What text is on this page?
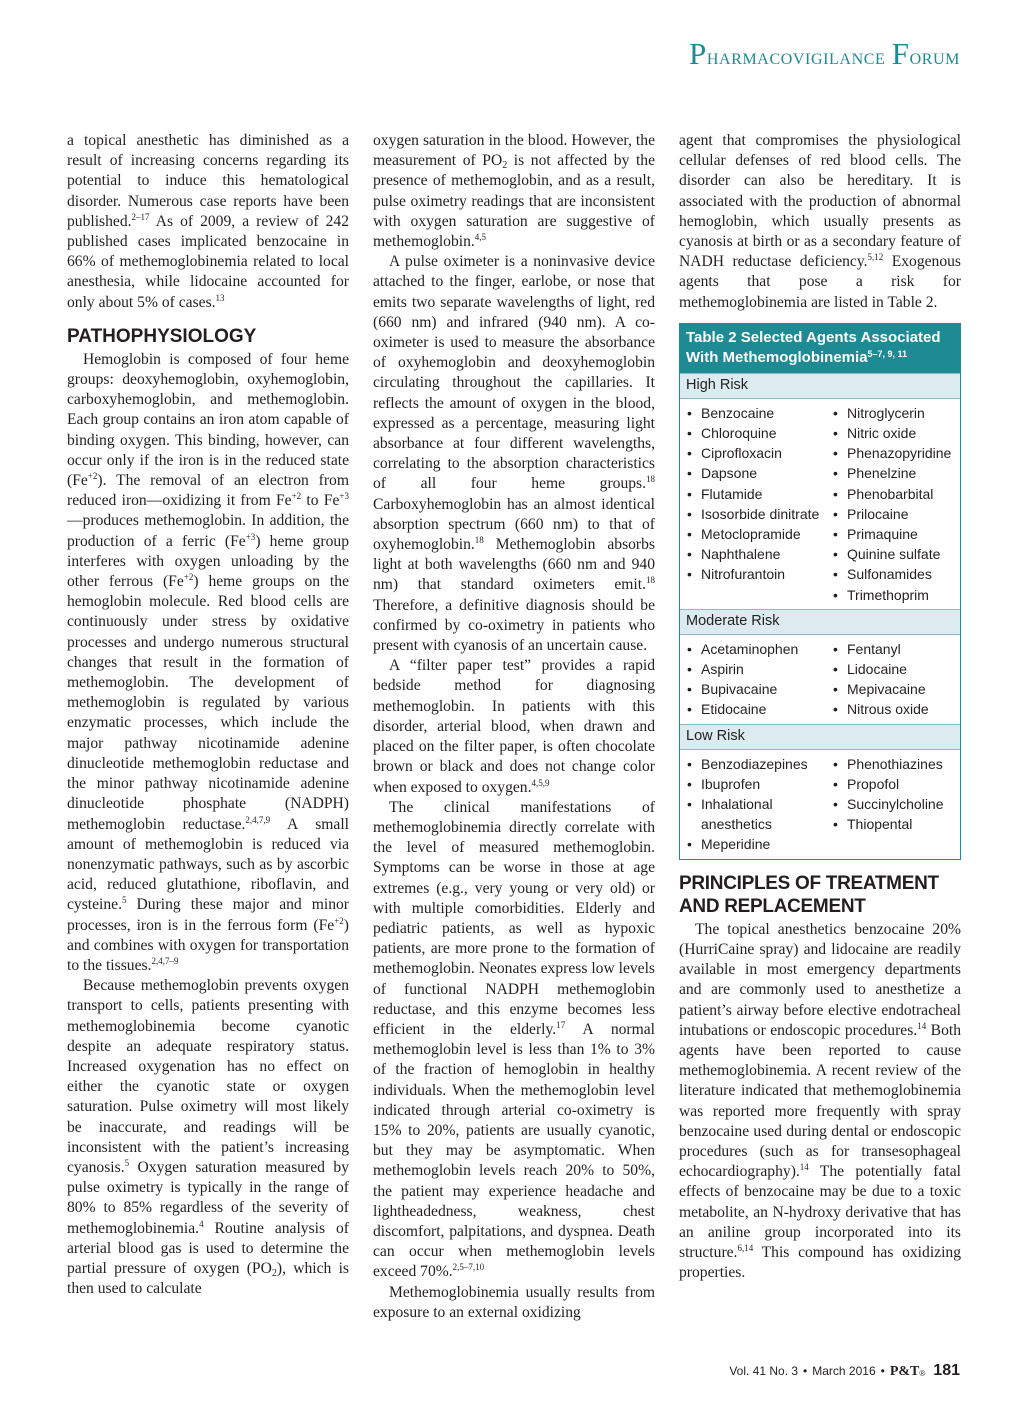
Pharmacovigilance Forum

a topical anesthetic has diminished as a result of increasing concerns regarding its potential to induce this hematological disorder. Numerous case reports have been published.$^{2-17}$ As of 2009, a review of 242 published cases implicated benzocaine in 66% of methemoglobinemia related to local anesthesia, while lidocaine accounted for only about 5% of cases.$^{13}$

PATHOPHYSIOLOGY

Hemoglobin is composed of four heme groups: deoxyhemoglobin, oxyhemoglobin, carboxyhemoglobin, and methemoglobin. Each group contains an iron atom capable of binding oxygen. This binding, however, can occur only if the iron is in the reduced state $(Fe^{+2})$. The removal of an electron from reduced iron—oxidizing it from $Fe^{+2}$ to $Fe^{+3}—produces$ methemoglobin. In addition, the production of a ferric $(Fe^{+3})$ heme group interferes with oxygen unloading by the other ferrous $(Fe^{+2})$ heme groups on the hemoglobin molecule. Red blood cells are continuously under stress by oxidative processes and undergo numerous structural changes that result in the formation of methemoglobin. The development of methemoglobin is regulated by various enzymatic processes, which include the major pathway nicotinamide adenine dinucleotide methemoglobin reductase and the minor pathway nicotinamide adenine dinucleotide phosphate (NADPH) methemoglobin reductase.$^{2,4,7,9}$ A small amount of methemoglobin is reduced via nonenzymatic pathways, such as by ascorbic acid, reduced glutathione, riboflavin, and cysteine.$^5$ During these major and minor processes, iron is in the ferrous form $(Fe^{+2})$ and combines with oxygen for transportation to the tissues.$^{2,4,7-9}$

Because methemoglobin prevents oxygen transport to cells, patients presenting with methemoglobinemia become cyanotic despite an adequate respiratory status. Increased oxygenation has no effect on either the cyanotic state or oxygen saturation. Pulse oximetry will most likely be inaccurate, and readings will be inconsistent with the patient’s increasing cyanosis.$^5$ Oxygen saturation measured by pulse oximetry is typically in the range of 80% to 85% regardless of the severity of methemoglobinemia.$^4$ Routine analysis of arterial blood gas is used to determine the partial pressure of oxygen $(PO_2)$, which is then used to calculate

oxygen saturation in the blood. However, the measurement of $PO_2$ is not affected by the presence of methemoglobin, and as a result, pulse oximetry readings that are inconsistent with oxygen saturation are suggestive of methemoglobin.$^{4,5}$

A pulse oximeter is a noninvasive device attached to the finger, earlobe, or nose that emits two separate wavelengths of light, red (660 nm) and infrared (940 nm). A co-oximeter is used to measure the absorbance of oxyhemoglobin and deoxyhemoglobin circulating throughout the capillaries. It reflects the amount of oxygen in the blood, expressed as a percentage, measuring light absorbance at four different wavelengths, correlating to the absorption characteristics of all four heme groups.$^{18}$ Carboxyhemoglobin has an almost identical absorption spectrum (660 nm) to that of oxyhemoglobin.$^{18}$ Methemoglobin absorbs light at both wavelengths (660 nm and 940 nm) that standard oximeters emit.$^{18}$ Therefore, a definitive diagnosis should be confirmed by co-oximetry in patients who present with cyanosis of an uncertain cause.

A “filter paper test” provides a rapid bedside method for diagnosing methemoglobin. In patients with this disorder, arterial blood, when drawn and placed on the filter paper, is often chocolate brown or black and does not change color when exposed to oxygen.$^{4,5,9}$

The clinical manifestations of methemoglobinemia directly correlate with the level of measured methemoglobin. Symptoms can be worse in those at age extremes (e.g., very young or very old) or with multiple comorbidities. Elderly and pediatric patients, as well as hypoxic patients, are more prone to the formation of methemoglobin. Neonates express low levels of functional NADPH methemoglobin reductase, and this enzyme becomes less efficient in the elderly.$^{17}$ A normal methemoglobin level is less than 1% to 3% of the fraction of hemoglobin in healthy individuals. When the methemoglobin level indicated through arterial co-oximetry is 15% to 20%, patients are usually cyanotic, but they may be asymptomatic. When methemoglobin levels reach 20% to 50%, the patient may experience headache and lightheadedness, weakness, chest discomfort, palpitations, and dyspnea. Death can occur when methemoglobin levels exceed 70%.$^{2,5-7,10}$

Methemoglobinemia usually results from exposure to an external oxidizing

agent that compromises the physiological cellular defenses of red blood cells. The disorder can also be hereditary. It is associated with the production of abnormal hemoglobin, which usually presents as cyanosis at birth or as a secondary feature of NADH reductase deficiency.$^{5,12}$ Exogenous agents that pose a risk for methemoglobinemia are listed in Table 2.

Table 2 Selected Agents Associated
With Methemoglobinemia$^{5-7, 9, 11}$
High Risk
• Benzocaine
• Chloroquine
• Ciprofloxacin
• Dapsone
• Flutamide
• Isosorbide dinitrate
• Metoclopramide
• Naphthalene
• Nitrofurantoin
• Nitroglycerin
• Nitric oxide
• Phenazopyridine
• Phenelzine
• Phenobarbital
• Prilocaine
• Primaquine
• Quinine sulfate
• Sulfonamides
• Trimethoprim
Moderate Risk
• Acetaminophen
• Aspirin
• Bupivacaine
• Etidocaine
• Fentanyl
• Lidocaine
• Mepivacaine
• Nitrous oxide
Low Risk
• Benzodiazepines
• Ibuprofen
• Inhalational anesthetics
• Meperidine
• Phenothiazines
• Propofol
• Succinylcholine
• Thiopental
PRINCIPLES OF TREATMENT
AND REPLACEMENT

The topical anesthetics benzocaine 20% (HurriCaine spray) and lidocaine are readily available in most emergency departments and are commonly used to anesthetize a patient’s airway before elective endotracheal intubations or endoscopic procedures.$^{14}$ Both agents have been reported to cause methemoglobinemia. A recent review of the literature indicated that methemoglobinemia was reported more frequently with spray benzocaine used during dental or endoscopic procedures (such as for transesophageal echocardiography).$^{14}$ The potentially fatal effects of benzocaine may be due to a toxic metabolite, an N-hydroxy derivative that has an aniline group incorporated into its structure.$^{6,14}$ This compound has oxidizing properties.

Vol. 41 No. 3 • March 2016 • P&T® 181
